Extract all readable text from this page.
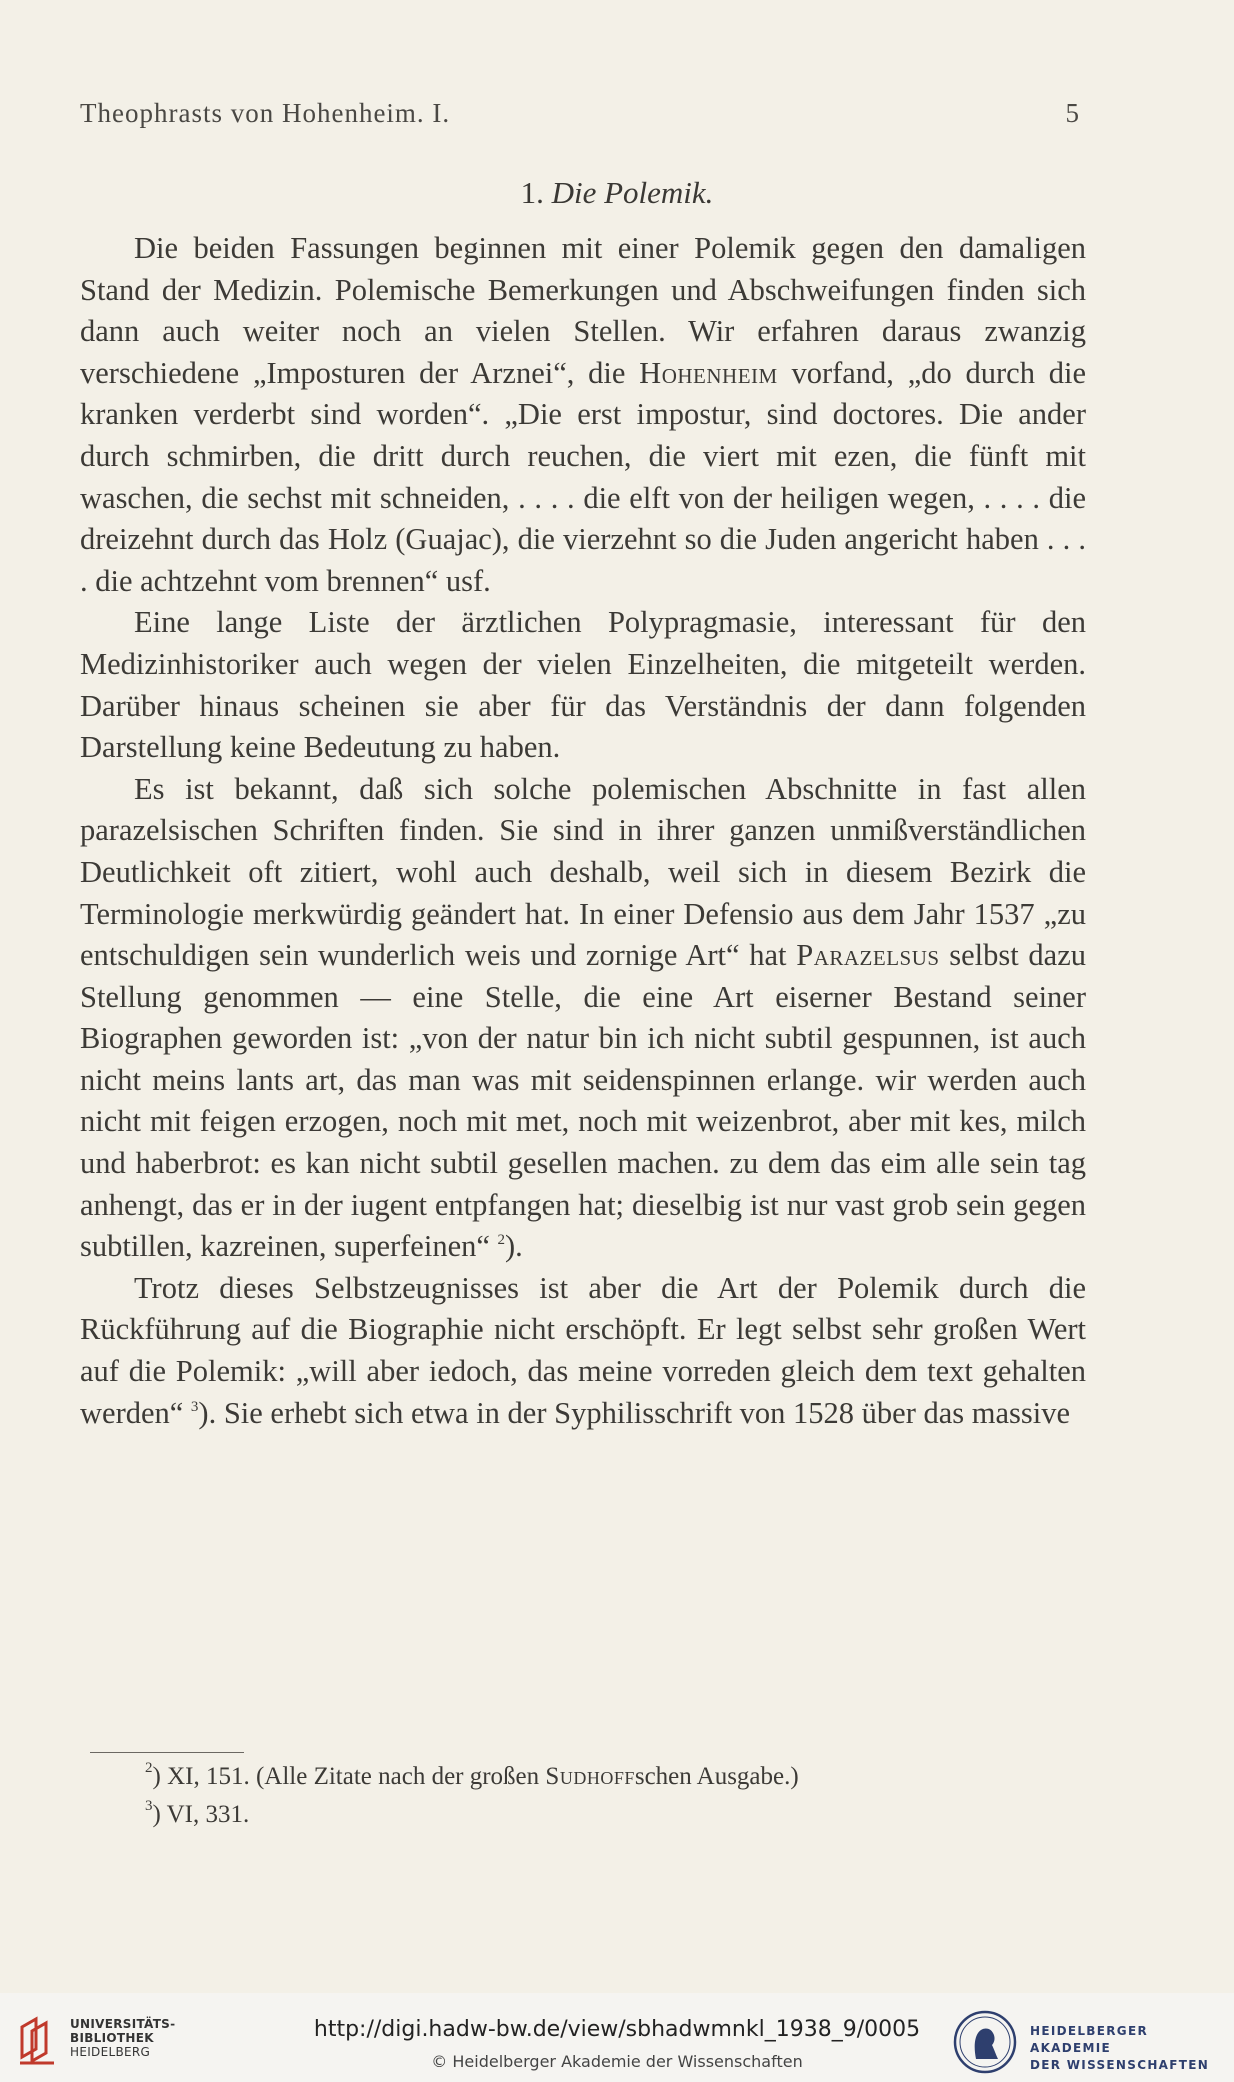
Theophrasts von Hohenheim. I.	5
1. Die Polemik.

Die beiden Fassungen beginnen mit einer Polemik gegen den damaligen Stand der Medizin. Polemische Bemerkungen und Abschweifungen finden sich dann auch weiter noch an vielen Stellen. Wir erfahren daraus zwanzig verschiedene „Imposturen der Arznei“, die Hohenheim vorfand, „do durch die kranken verderbt sind worden“. „Die erst impostur, sind doctores. Die ander durch schmirben, die dritt durch reuchen, die viert mit ezen, die fünft mit waschen, die sechst mit schneiden, . . . . die elft von der heiligen wegen, . . . . die dreizehnt durch das Holz (Guajac), die vierzehnt so die Juden angericht haben . . . . die achtzehnt vom brennen“ usf.

Eine lange Liste der ärztlichen Polypragmasie, interessant für den Medizinhistoriker auch wegen der vielen Einzelheiten, die mitgeteilt werden. Darüber hinaus scheinen sie aber für das Verständnis der dann folgenden Darstellung keine Bedeutung zu haben.

Es ist bekannt, daß sich solche polemischen Abschnitte in fast allen parazelsischen Schriften finden. Sie sind in ihrer ganzen unmißverständlichen Deutlichkeit oft zitiert, wohl auch deshalb, weil sich in diesem Bezirk die Terminologie merkwürdig geändert hat. In einer Defensio aus dem Jahr 1537 „zu entschuldigen sein wunderlich weis und zornige Art“ hat Parazelsus selbst dazu Stellung genommen — eine Stelle, die eine Art eiserner Bestand seiner Biographen geworden ist: „von der natur bin ich nicht subtil gespunnen, ist auch nicht meins lants art, das man was mit seidenspinnen erlange. wir werden auch nicht mit feigen erzogen, noch mit met, noch mit weizenbrot, aber mit kes, milch und haberbrot: es kan nicht subtil gesellen machen. zu dem das eim alle sein tag anhengt, das er in der iugent entpfangen hat; dieselbig ist nur vast grob sein gegen subtillen, kazreinen, superfeinen“ $^2$).

Trotz dieses Selbstzeugnisses ist aber die Art der Polemik durch die Rückführung auf die Biographie nicht erschöpft. Er legt selbst sehr großen Wert auf die Polemik: „will aber iedoch, das meine vorreden gleich dem text gehalten werden“ $^3$). Sie erhebt sich etwa in der Syphilisschrift von 1528 über das massive

$^2$) XI, 151. (Alle Zitate nach der großen Sudhoffschen Ausgabe.)
$^3$) VI, 331.
UNIVERSITÄTS-
BIBLIOTHEK
HEIDELBERG
http://digi.hadw-bw.de/view/sbhadwmnkl_1938_9/0005
© Heidelberger Akademie der Wissenschaften
HEIDELBERGER AKADEMIE
DER WISSENSCHAFTEN
